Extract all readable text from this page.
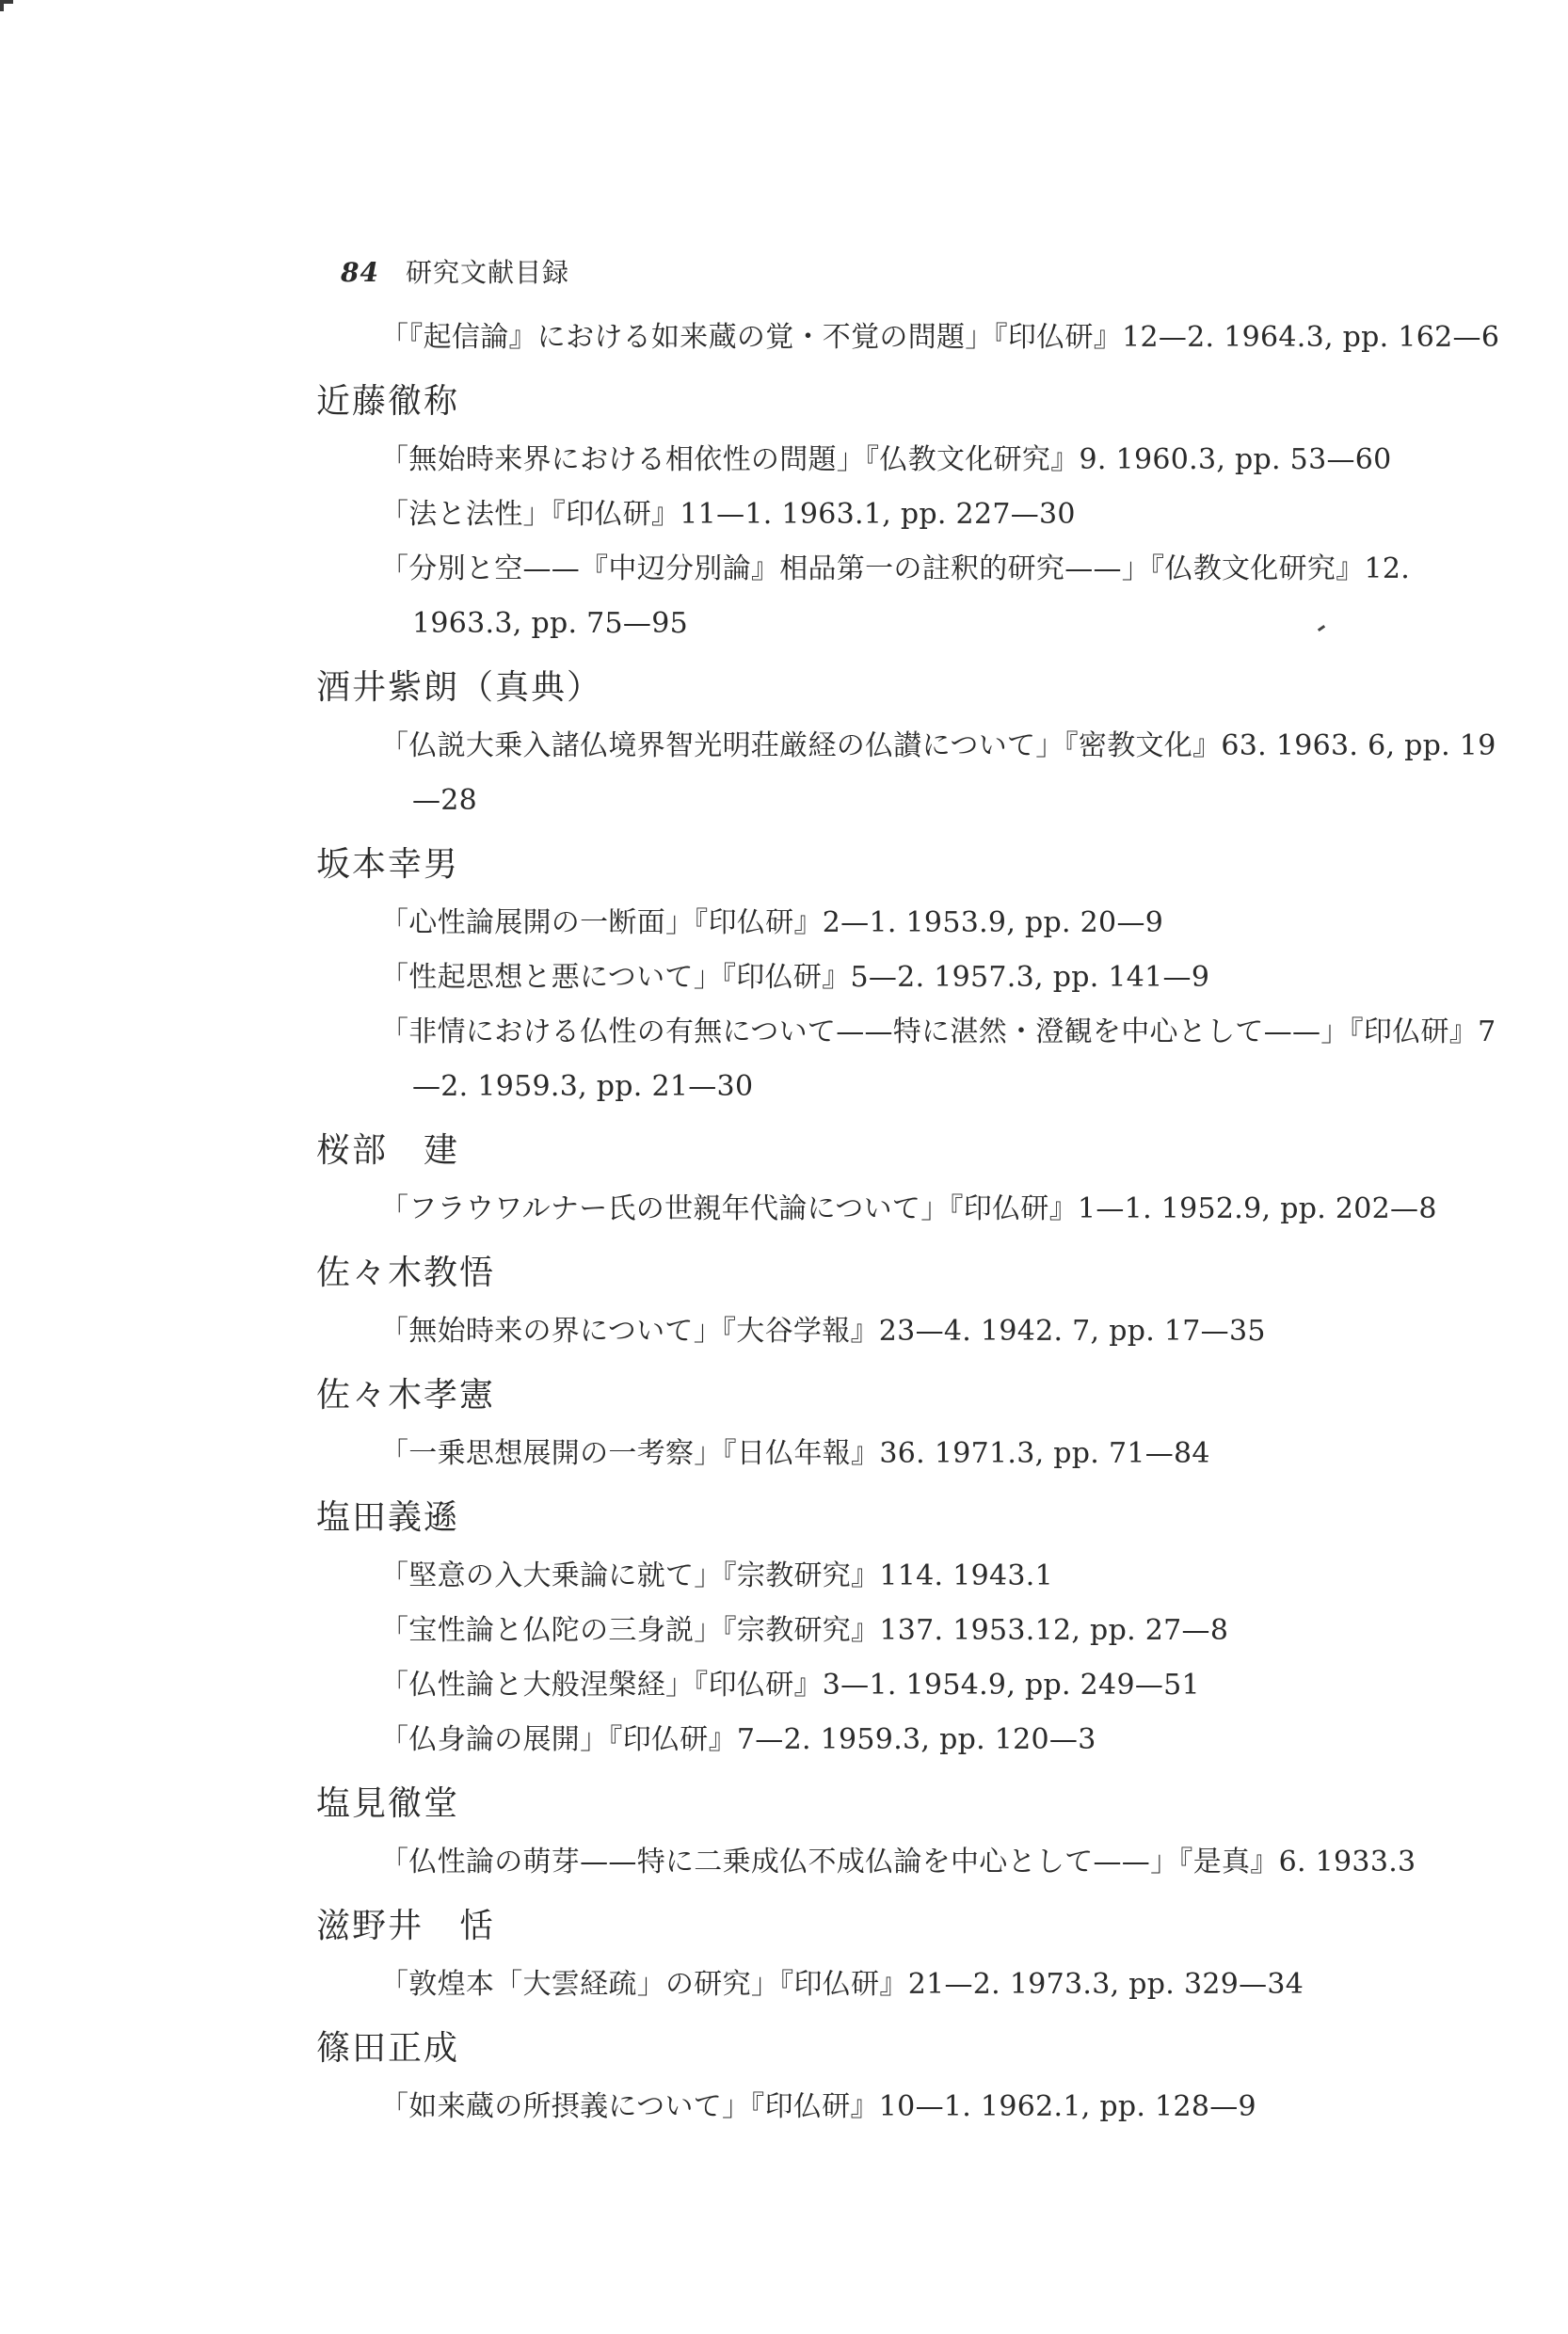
84 研究文献目録
「『起信論』における如来蔵の覚・不覚の問題」『印仏研』12—2. 1964.3, pp. 162—6
近藤徹称
「無始時来界における相依性の問題」『仏教文化研究』9. 1960.3, pp. 53—60
「法と法性」『印仏研』11—1. 1963.1, pp. 227—30
「分別と空——『中辺分別論』相品第一の註釈的研究——」『仏教文化研究』12. 1963.3, pp. 75—95
酒井紫朗（真典）
「仏説大乗入諸仏境界智光明荘厳経の仏讃について」『密教文化』63. 1963. 6, pp. 19—28
坂本幸男
「心性論展開の一断面」『印仏研』2—1. 1953.9, pp. 20—9
「性起思想と悪について」『印仏研』5—2. 1957.3, pp. 141—9
「非情における仏性の有無について——特に湛然・澄観を中心として——」『印仏研』7—2. 1959.3, pp. 21—30
桜部　建
「フラウワルナー氏の世親年代論について」『印仏研』1—1. 1952.9, pp. 202—8
佐々木教悟
「無始時来の界について」『大谷学報』23—4. 1942. 7, pp. 17—35
佐々木孝憲
「一乗思想展開の一考察」『日仏年報』36. 1971.3, pp. 71—84
塩田義遜
「堅意の入大乗論に就て」『宗教研究』114. 1943.1
「宝性論と仏陀の三身説」『宗教研究』137. 1953.12, pp. 27—8
「仏性論と大般涅槃経」『印仏研』3—1. 1954.9, pp. 249—51
「仏身論の展開」『印仏研』7—2. 1959.3, pp. 120—3
塩見徹堂
「仏性論の萌芽——特に二乗成仏不成仏論を中心として——」『是真』6. 1933.3
滋野井　恬
「敦煌本「大雲経疏」の研究」『印仏研』21—2. 1973.3, pp. 329—34
篠田正成
「如来蔵の所摂義について」『印仏研』10—1. 1962.1, pp. 128—9
